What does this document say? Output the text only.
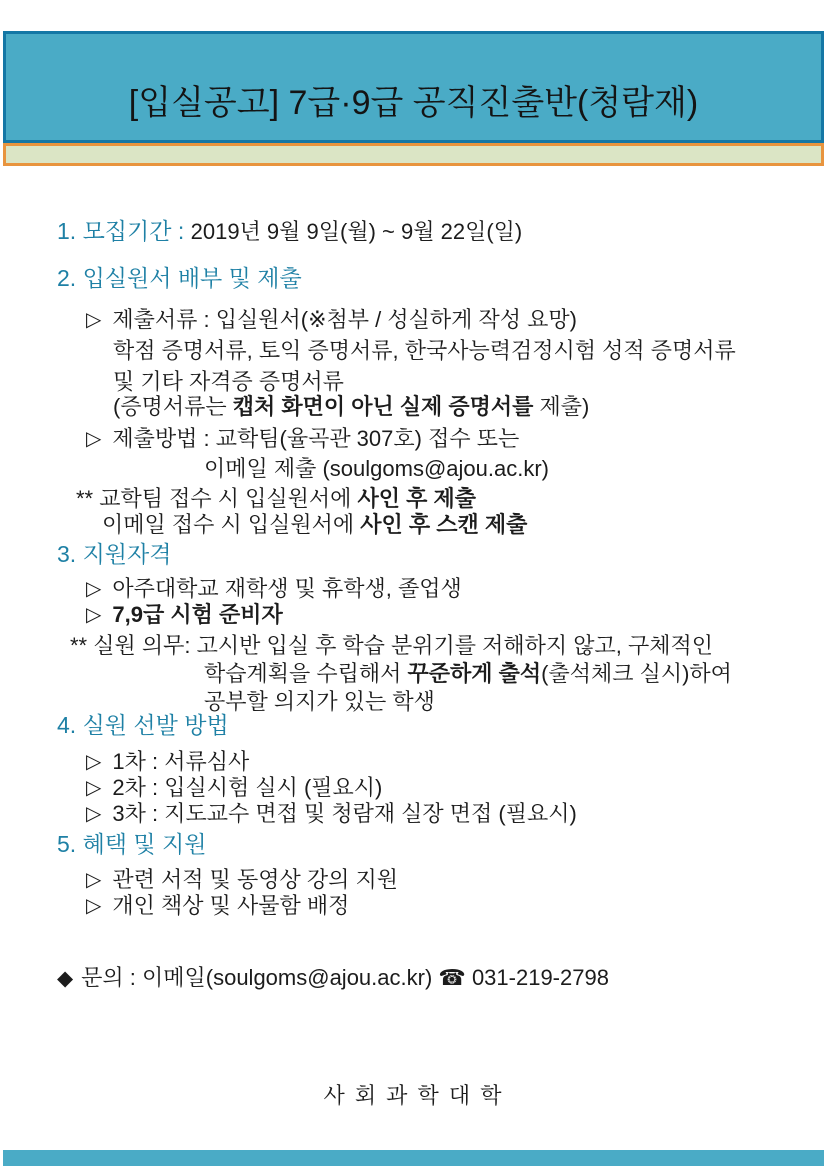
[입실공고] 7급·9급 공직진출반(청람재)
1. 모집기간 : 2019년 9월 9일(월) ~ 9월 22일(일)
2. 입실원서 배부 및 제출
▷ 제출서류 : 입실원서(※첨부 / 성실하게 작성 요망)
학점 증명서류, 토익 증명서류, 한국사능력검정시험 성적 증명서류
및 기타 자격증 증명서류
(증명서류는 캡처 화면이 아닌 실제 증명서를 제출)
▷ 제출방법 : 교학팀(율곡관 307호) 접수 또는
이메일 제출 (soulgoms@ajou.ac.kr)
** 교학팀 접수 시 입실원서에 사인 후 제출
이메일 접수 시 입실원서에 사인 후 스캔 제출
3. 지원자격
▷ 아주대학교 재학생 및 휴학생, 졸업생
▷ 7,9급 시험 준비자
** 실원 의무: 고시반 입실 후 학습 분위기를 저해하지 않고, 구체적인
학습계획을 수립해서 꾸준하게 출석(출석체크 실시)하여
공부할 의지가 있는 학생
4. 실원 선발 방법
▷ 1차 : 서류심사
▷ 2차 : 입실시험 실시 (필요시)
▷ 3차 : 지도교수 면접 및 청람재 실장 면접 (필요시)
5. 혜택 및 지원
▷ 관련 서적 및 동영상 강의 지원
▷ 개인 책상 및 사물함 배정
◆ 문의 : 이메일(soulgoms@ajou.ac.kr) ☎ 031-219-2798
사 회 과 학 대 학
